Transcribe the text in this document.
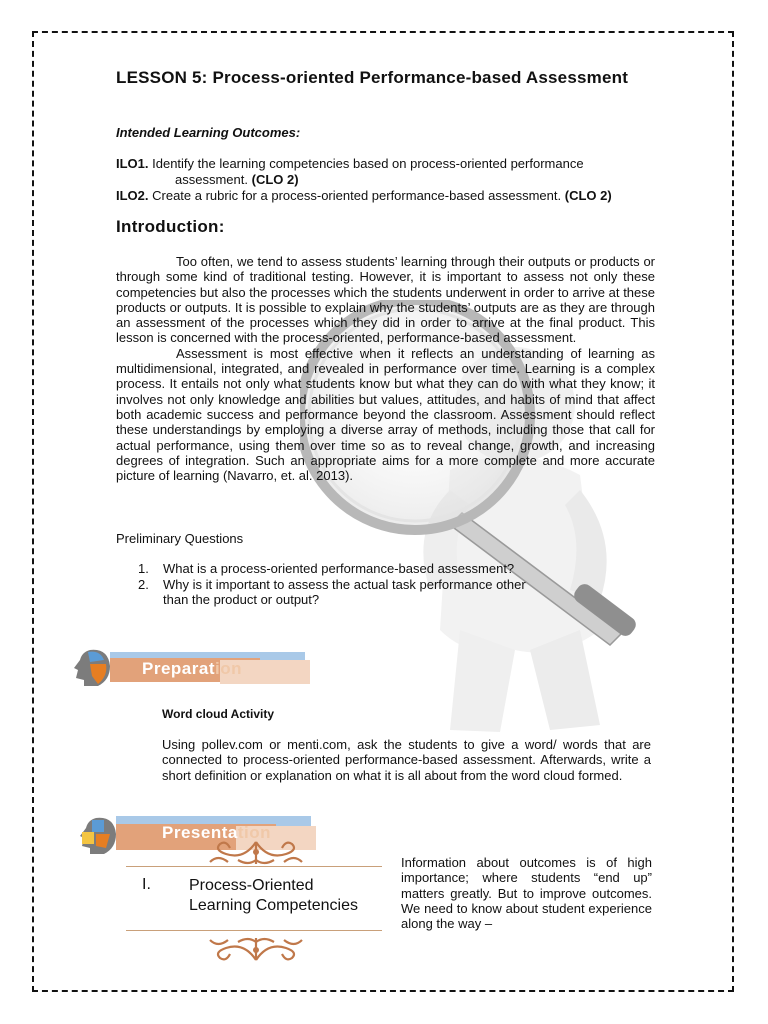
LESSON 5: Process-oriented Performance-based Assessment
Intended Learning Outcomes:
ILO1. Identify the learning competencies based on process-oriented performance
assessment. (CLO 2)
ILO2. Create a rubric for a process-oriented performance-based assessment. (CLO 2)
Introduction:

Too often, we tend to assess students’ learning through their outputs or products or through some kind of traditional testing. However, it is important to assess not only these competencies but also the processes which the students underwent in order to arrive at these products or outputs. It is possible to explain why the students’ outputs are as they are through an assessment of the processes which they did in order to arrive at the final product. This lesson is concerned with the process-oriented, performance-based assessment.

Assessment is most effective when it reflects an understanding of learning as multidimensional, integrated, and revealed in performance over time. Learning is a complex process. It entails not only what students know but what they can do with what they know; it involves not only knowledge and abilities but values, attitudes, and habits of mind that affect both academic success and performance beyond the classroom. Assessment should reflect these understandings by employing a diverse array of methods, including those that call for actual performance, using them over time so as to reveal change, growth, and increasing degrees of integration. Such an appropriate aims for a more complete and more accurate picture of learning (Navarro, et. al. 2013).

Preliminary Questions
1. What is a process-oriented performance-based assessment?
2. Why is it important to assess the actual task performance other than the product or output?
Preparation
Word cloud Activity
Using pollev.com or menti.com, ask the students to give a word/ words that are connected to process-oriented performance-based assessment. Afterwards, write a short definition or explanation on what it is all about from the word cloud formed.
Presentation
I. Process-Oriented Learning Competencies
Information about outcomes is of high importance; where students “end up” matters greatly. But to improve outcomes. We need to know about student experience along the way –
